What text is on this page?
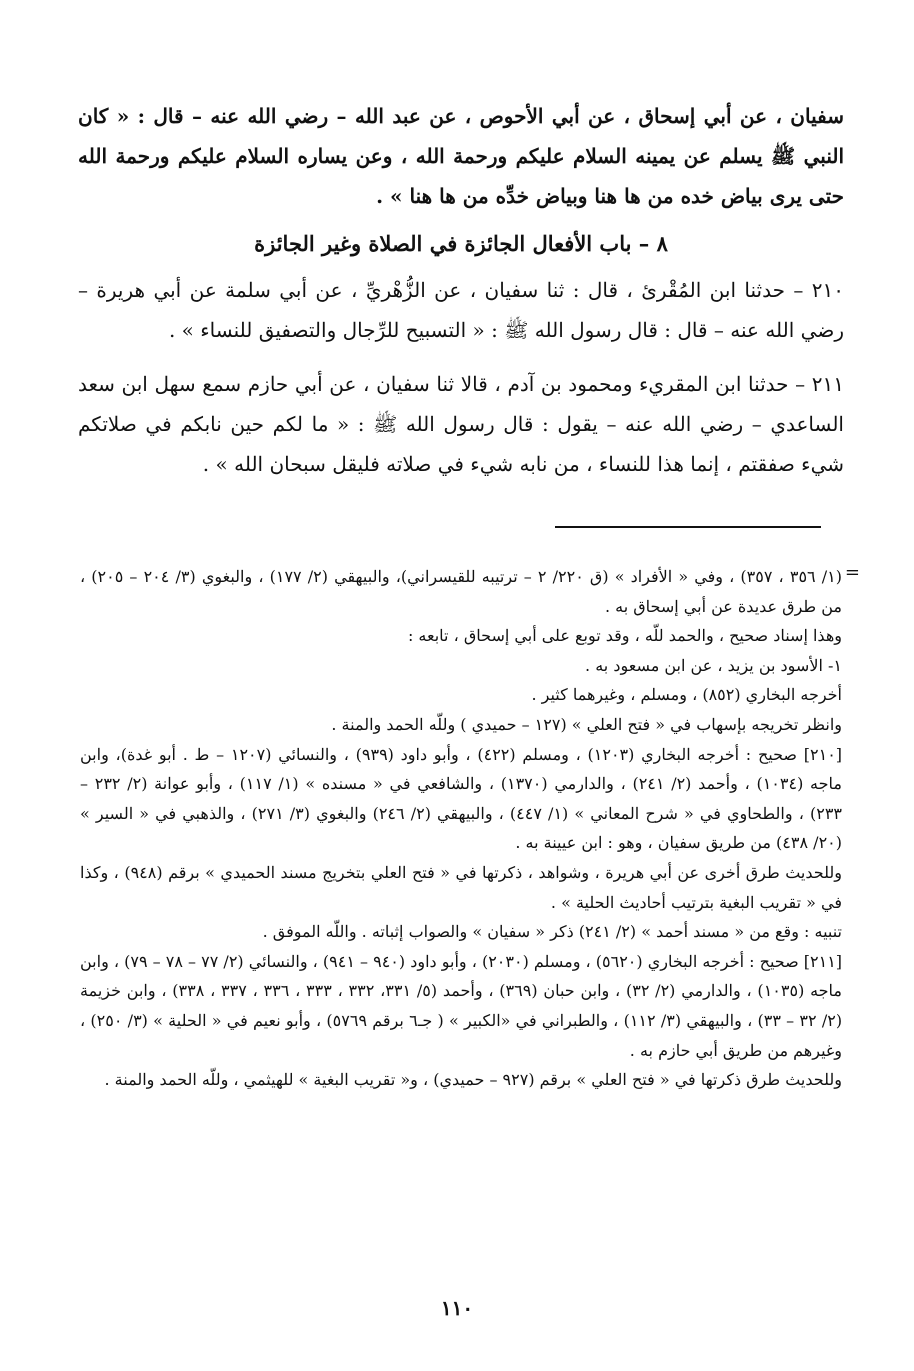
سفيان ، عن أبي إسحاق ، عن أبي الأحوص ، عن عبد الله – رضي الله عنه – قال : « كان النبي ﷺ يسلم عن يمينه السلام عليكم ورحمة الله ، وعن يساره السلام عليكم ورحمة الله حتى يرى بياض خده من ها هنا وبياض خدِّه من ها هنا » .

٨ – باب الأفعال الجائزة في الصلاة وغير الجائزة

٢١٠ – حدثنا ابن المُقْرئ ، قال : ثنا سفيان ، عن الزُّهْريِّ ، عن أبي سلمة عن أبي هريرة – رضي الله عنه – قال : قال رسول الله ﷺ : « التسبيح للرِّجال والتصفيق للنساء » .

٢١١ – حدثنا ابن المقريء ومحمود بن آدم ، قالا ثنا سفيان ، عن أبي حازم سمع سهل ابن سعد الساعدي – رضي الله عنه – يقول : قال رسول الله ﷺ : « ما لكم حين نابكم في صلاتكم شيء صفقتم ، إنما هذا للنساء ، من نابه شيء في صلاته فليقل سبحان الله » .

=

(١/ ٣٥٦ ، ٣٥٧) ، وفي « الأفراد » (ق ٢٢٠/ ٢ – ترتيبه للقيسراني)، والبيهقي (٢/ ١٧٧) ، والبغوي (٣/ ٢٠٤ – ٢٠٥) ، من طرق عديدة عن أبي إسحاق به .

وهذا إسناد صحيح ، والحمد للّه ، وقد توبع على أبي إسحاق ، تابعه :

١- الأسود بن يزيد ، عن ابن مسعود به .

أخرجه البخاري (٨٥٢) ، ومسلم ، وغيرهما كثير .

وانظر تخريجه بإسهاب في « فتح العلي » (١٢٧ – حميدي ) وللّه الحمد والمنة .

[٢١٠] صحيح : أخرجه البخاري (١٢٠٣) ، ومسلم (٤٢٢) ، وأبو داود (٩٣٩) ، والنسائي (١٢٠٧ – ط . أبو غدة)، وابن ماجه (١٠٣٤) ، وأحمد (٢/ ٢٤١) ، والدارمي (١٣٧٠) ، والشافعي في « مسنده » (١/ ١١٧) ، وأبو عوانة (٢/ ٢٣٢ – ٢٣٣) ، والطحاوي في « شرح المعاني » (١/ ٤٤٧) ، والبيهقي (٢/ ٢٤٦) والبغوي (٣/ ٢٧١) ، والذهبي في « السير » (٢٠/ ٤٣٨) من طريق سفيان ، وهو : ابن عيينة به .

وللحديث طرق أخرى عن أبي هريرة ، وشواهد ، ذكرتها في « فتح العلي بتخريج مسند الحميدي » برقم (٩٤٨) ، وكذا في « تقريب البغية بترتيب أحاديث الحلية » .

تنبيه : وقع من « مسند أحمد » (٢/ ٢٤١) ذكر « سفيان » والصواب إثباته . واللّه الموفق .

[٢١١] صحيح : أخرجه البخاري (٥٦٢٠) ، ومسلم (٢٠٣٠) ، وأبو داود (٩٤٠ – ٩٤١) ، والنسائي (٢/ ٧٧ – ٧٨ – ٧٩) ، وابن ماجه (١٠٣٥) ، والدارمي (٢/ ٣٢) ، وابن حبان (٣٦٩) ، وأحمد (٥/ ٣٣١، ٣٣٢ ، ٣٣٣ ، ٣٣٦ ، ٣٣٧ ، ٣٣٨) ، وابن خزيمة (٢/ ٣٢ – ٣٣) ، والبيهقي (٣/ ١١٢) ، والطبراني في «الكبير » ( جـ٦ برقم ٥٧٦٩) ، وأبو نعيم في « الحلية » (٣/ ٢٥٠) ، وغيرهم من طريق أبي حازم به .

وللحديث طرق ذكرتها في « فتح العلي » برقم (٩٢٧ – حميدي) ، و« تقريب البغية » للهيثمي ، وللّه الحمد والمنة .

١١٠
